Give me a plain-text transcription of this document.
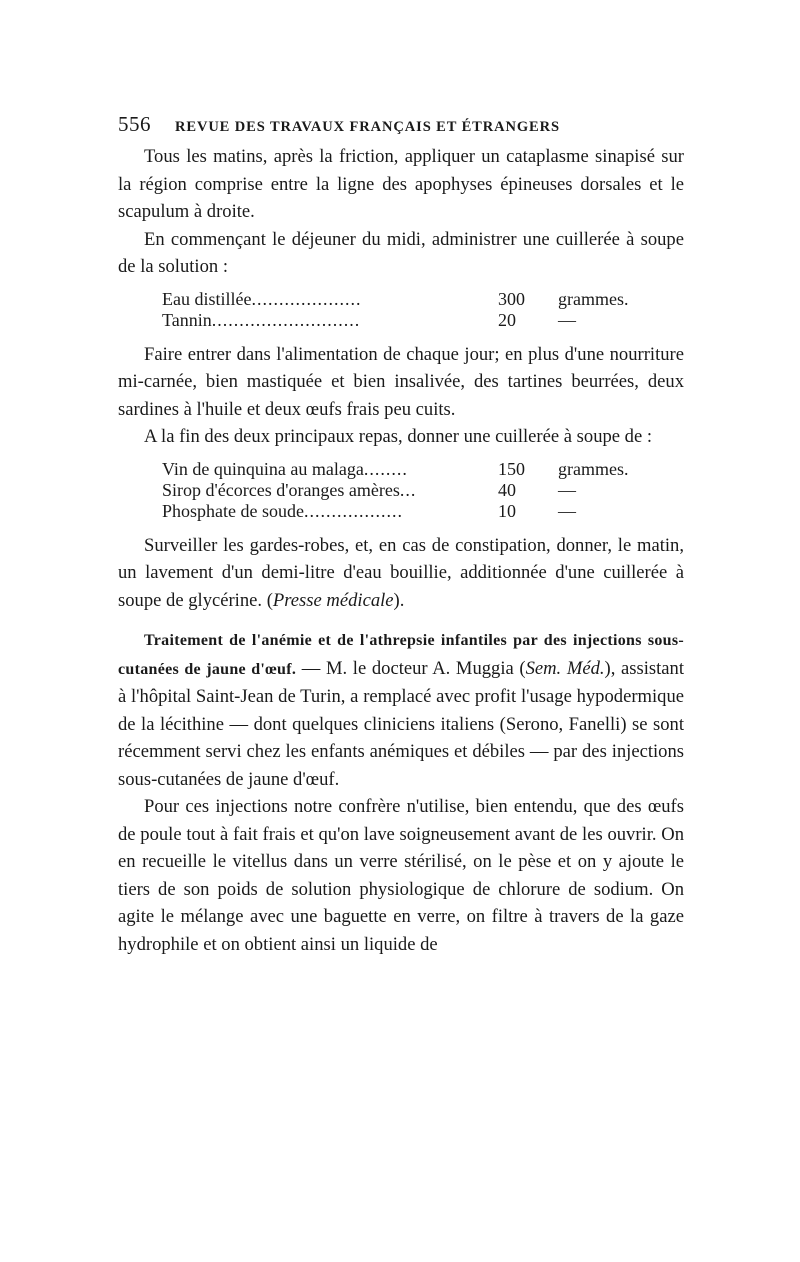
556 REVUE DES TRAVAUX FRANÇAIS ET ÉTRANGERS

Tous les matins, après la friction, appliquer un cataplasme sinapisé sur la région comprise entre la ligne des apophyses épineuses dorsales et le scapulum à droite.

En commençant le déjeuner du midi, administrer une cuillerée à soupe de la solution :

Eau distillée....................	300	grammes.
Tannin...........................	20	—

Faire entrer dans l'alimentation de chaque jour; en plus d'une nourriture mi-carnée, bien mastiquée et bien insalivée, des tartines beurrées, deux sardines à l'huile et deux œufs frais peu cuits.

A la fin des deux principaux repas, donner une cuillerée à soupe de :

Vin de quinquina au malaga........	150	grammes.
Sirop d'écorces d'oranges amères...	40	—
Phosphate de soude..................	10	—

Surveiller les gardes-robes, et, en cas de constipation, donner, le matin, un lavement d'un demi-litre d'eau bouillie, additionnée d'une cuillerée à soupe de glycérine. (Presse médicale).

Traitement de l'anémie et de l'athrepsie infantiles par des injections sous-cutanées de jaune d'œuf. — M. le docteur A. Muggia (Sem. Méd.), assistant à l'hôpital Saint-Jean de Turin, a remplacé avec profit l'usage hypodermique de la lécithine — dont quelques cliniciens italiens (Serono, Fanelli) se sont récemment servi chez les enfants anémiques et débiles — par des injections sous-cutanées de jaune d'œuf.

Pour ces injections notre confrère n'utilise, bien entendu, que des œufs de poule tout à fait frais et qu'on lave soigneusement avant de les ouvrir. On en recueille le vitellus dans un verre stérilisé, on le pèse et on y ajoute le tiers de son poids de solution physiologique de chlorure de sodium. On agite le mélange avec une baguette en verre, on filtre à travers de la gaze hydrophile et on obtient ainsi un liquide de
